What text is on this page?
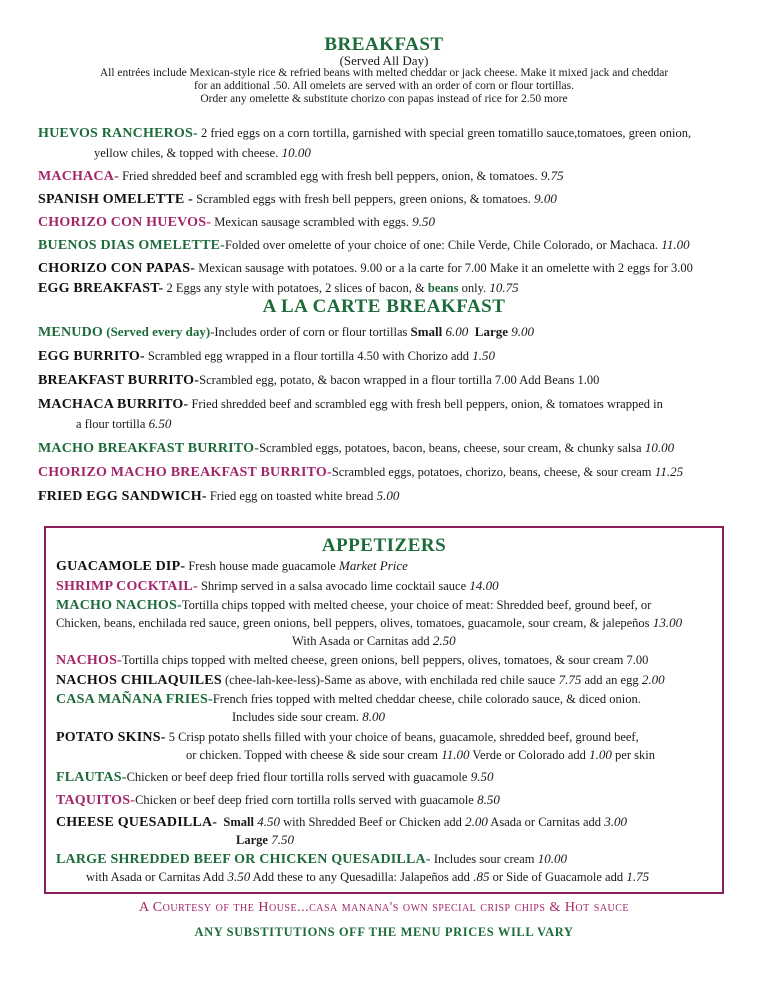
BREAKFAST
(Served All Day)
All entrées include Mexican-style rice & refried beans with melted cheddar or jack cheese. Make it mixed jack and cheddar
for an additional .50. All omelets are served with an order of corn or flour tortillas.
Order any omelette & substitute chorizo con papas instead of rice for 2.50 more
HUEVOS RANCHEROS- 2 fried eggs on a corn tortilla, garnished with special green tomatillo sauce,tomatoes, green onion,
yellow chiles, & topped with cheese. 10.00
MACHACA- Fried shredded beef and scrambled egg with fresh bell peppers, onion, & tomatoes. 9.75
SPANISH OMELETTE - Scrambled eggs with fresh bell peppers, green onions, & tomatoes. 9.00
CHORIZO CON HUEVOS- Mexican sausage scrambled with eggs. 9.50
BUENOS DIAS OMELETTE-Folded over omelette of your choice of one: Chile Verde, Chile Colorado, or Machaca. 11.00
CHORIZO CON PAPAS- Mexican sausage with potatoes. 9.00 or a la carte for 7.00 Make it an omelette with 2 eggs for 3.00
EGG BREAKFAST- 2 Eggs any style with potatoes, 2 slices of bacon, & beans only. 10.75
A LA CARTE BREAKFAST
MENUDO (Served every day)-Includes order of corn or flour tortillas Small 6.00  Large 9.00
EGG BURRITO- Scrambled egg wrapped in a flour tortilla 4.50 with Chorizo add 1.50
BREAKFAST BURRITO-Scrambled egg, potato, & bacon wrapped in a flour tortilla 7.00 Add Beans 1.00
MACHACA BURRITO- Fried shredded beef and scrambled egg with fresh bell peppers, onion, & tomatoes wrapped in
a flour tortilla 6.50
MACHO BREAKFAST BURRITO-Scrambled eggs, potatoes, bacon, beans, cheese, sour cream, & chunky salsa 10.00
CHORIZO MACHO BREAKFAST BURRITO-Scrambled eggs, potatoes, chorizo, beans, cheese, & sour cream 11.25
FRIED EGG SANDWICH- Fried egg on toasted white bread 5.00
APPETIZERS
GUACAMOLE DIP- Fresh house made guacamole Market Price
SHRIMP COCKTAIL- Shrimp served in a salsa avocado lime cocktail sauce 14.00
MACHO NACHOS-Tortilla chips topped with melted cheese, your choice of meat: Shredded beef, ground beef, or
Chicken, beans, enchilada red sauce, green onions, bell peppers, olives, tomatoes, guacamole, sour cream, & jalepeños 13.00
With Asada or Carnitas add 2.50
NACHOS-Tortilla chips topped with melted cheese, green onions, bell peppers, olives, tomatoes, & sour cream 7.00
NACHOS CHILAQUILES (chee-lah-kee-less)-Same as above, with enchilada red chile sauce 7.75 add an egg 2.00
CASA MAÑANA FRIES-French fries topped with melted cheddar cheese, chile colorado sauce, & diced onion.
Includes side sour cream. 8.00
POTATO SKINS- 5 Crisp potato shells filled with your choice of beans, guacamole, shredded beef, ground beef,
or chicken. Topped with cheese & side sour cream 11.00 Verde or Colorado add 1.00 per skin
FLAUTAS-Chicken or beef deep fried flour tortilla rolls served with guacamole 9.50
TAQUITOS-Chicken or beef deep fried corn tortilla rolls served with guacamole 8.50
CHEESE QUESADILLA-  Small 4.50 with Shredded Beef or Chicken add 2.00 Asada or Carnitas add 3.00
Large 7.50
LARGE SHREDDED BEEF OR CHICKEN QUESADILLA- Includes sour cream 10.00
with Asada or Carnitas Add 3.50 Add these to any Quesadilla: Jalapeños add .85 or Side of Guacamole add 1.75
A Courtesy of the House...casa manana's own special crisp chips & Hot sauce
ANY SUBSTITUTIONS OFF THE MENU PRICES WILL VARY
